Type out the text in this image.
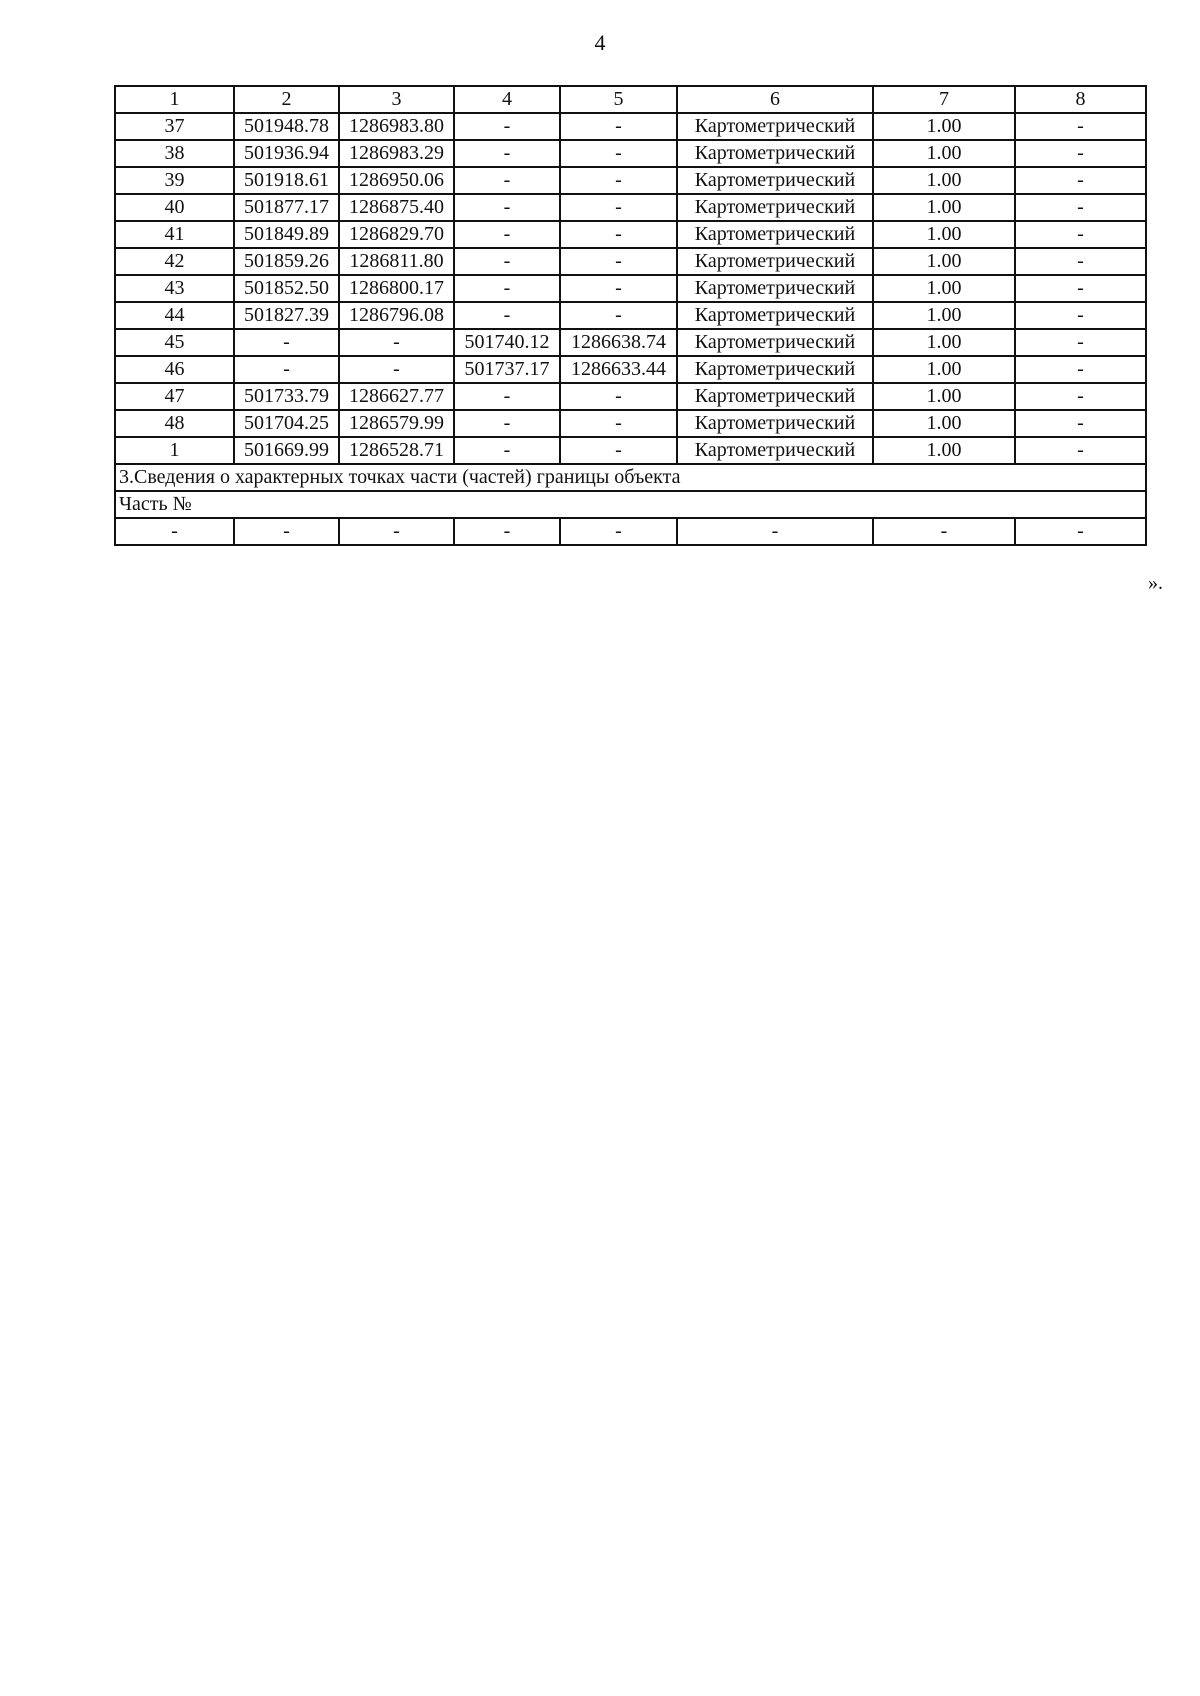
4
1	2	3	4	5	6	7	8
37	501948.78	1286983.80	-	-	Картометрический	1.00	-
38	501936.94	1286983.29	-	-	Картометрический	1.00	-
39	501918.61	1286950.06	-	-	Картометрический	1.00	-
40	501877.17	1286875.40	-	-	Картометрический	1.00	-
41	501849.89	1286829.70	-	-	Картометрический	1.00	-
42	501859.26	1286811.80	-	-	Картометрический	1.00	-
43	501852.50	1286800.17	-	-	Картометрический	1.00	-
44	501827.39	1286796.08	-	-	Картометрический	1.00	-
45	-	-	501740.12	1286638.74	Картометрический	1.00	-
46	-	-	501737.17	1286633.44	Картометрический	1.00	-
47	501733.79	1286627.77	-	-	Картометрический	1.00	-
48	501704.25	1286579.99	-	-	Картометрический	1.00	-
1	501669.99	1286528.71	-	-	Картометрический	1.00	-
3.Сведения о характерных точках части (частей) границы объекта							
Часть №							
-	-	-	-	-	-	-	-
».
